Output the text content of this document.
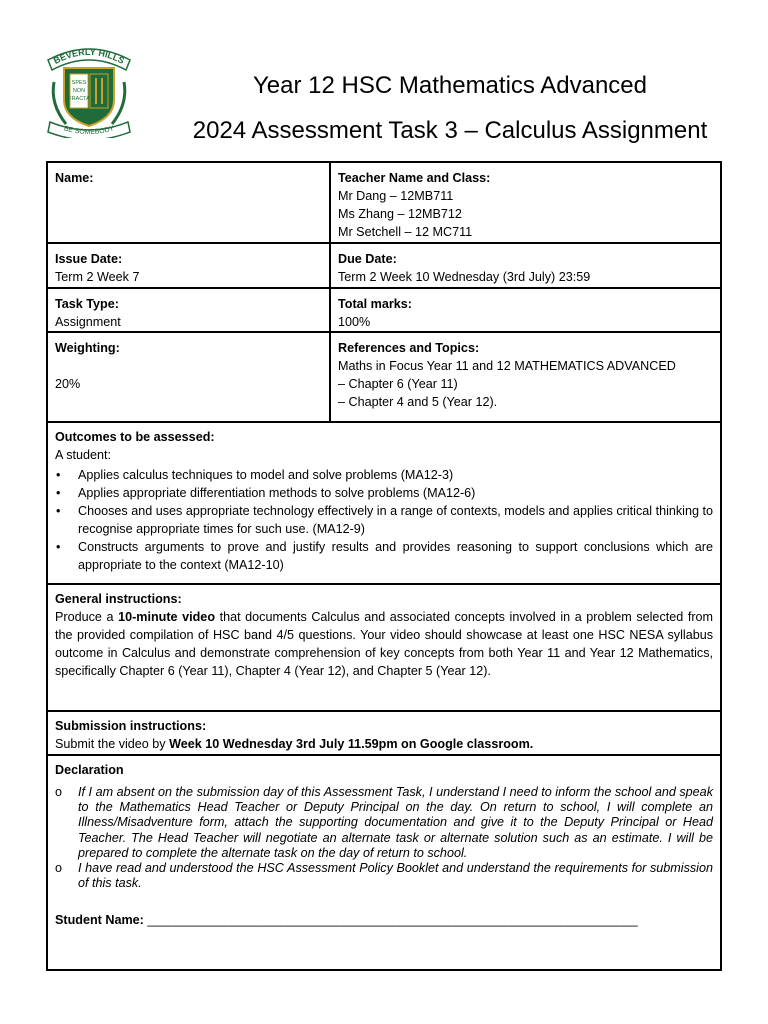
BEVERLY HILLS
SPES
NON
FRACTA
BE SOMEBODY
Year 12 HSC Mathematics Advanced
2024 Assessment Task 3 – Calculus Assignment
Name:	Teacher Name and Class:
Mr Dang – 12MB711
Ms Zhang – 12MB712
Mr Setchell – 12 MC711
Issue Date:
Term 2 Week 7
Due Date:
Term 2 Week 10 Wednesday (3rd July) 23:59
Task Type:
Assignment
Total marks:
100%
Weighting:
20%
References and Topics:
Maths in Focus Year 11 and 12 MATHEMATICS ADVANCED
– Chapter 6 (Year 11)
– Chapter 4 and 5 (Year 12).
Outcomes to be assessed:
A student:
• Applies calculus techniques to model and solve problems (MA12-3)
• Applies appropriate differentiation methods to solve problems (MA12-6)
• Chooses and uses appropriate technology effectively in a range of contexts, models and applies critical thinking to recognise appropriate times for such use. (MA12-9)
• Constructs arguments to prove and justify results and provides reasoning to support conclusions which are appropriate to the context (MA12-10)
General instructions:
Produce a 10-minute video that documents Calculus and associated concepts involved in a problem selected from the provided compilation of HSC band 4/5 questions. Your video should showcase at least one HSC NESA syllabus outcome in Calculus and demonstrate comprehension of key concepts from both Year 11 and Year 12 Mathematics, specifically Chapter 6 (Year 11), Chapter 4 (Year 12), and Chapter 5 (Year 12).
Submission instructions:
Submit the video by Week 10 Wednesday 3rd July 11.59pm on Google classroom.
Declaration
o If I am absent on the submission day of this Assessment Task, I understand I need to inform the school and speak to the Mathematics Head Teacher or Deputy Principal on the day. On return to school, I will complete an Illness/Misadventure form, attach the supporting documentation and give it to the Deputy Principal or Head Teacher. The Head Teacher will negotiate an alternate task or alternate solution such as an estimate. I will be prepared to complete the alternate task on the day of return to school.
o I have read and understood the HSC Assessment Policy Booklet and understand the requirements for submission of this task.
Student Name: ______________________________________________________________________
